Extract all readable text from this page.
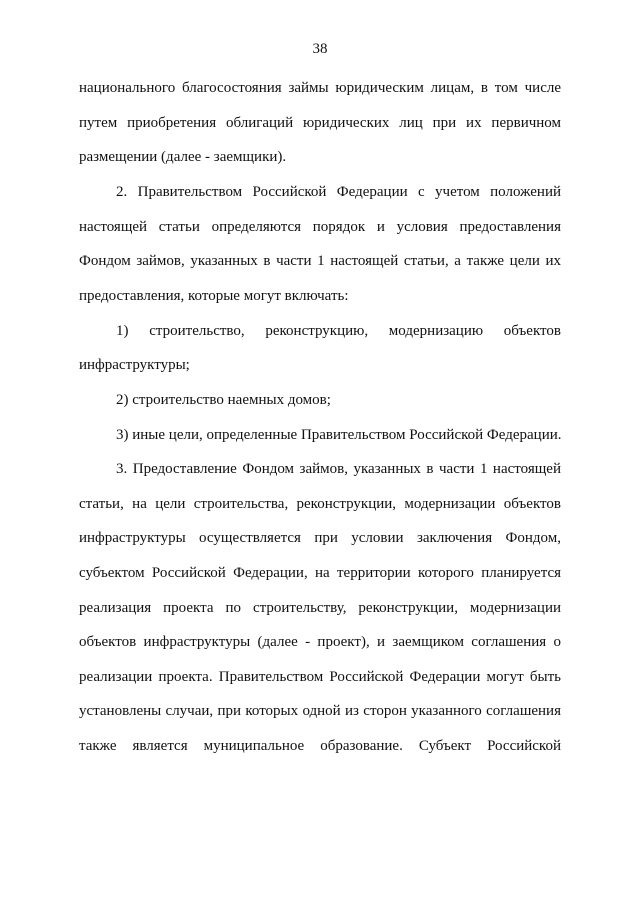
38
национального благосостояния займы юридическим лицам, в том числе
путем приобретения облигаций юридических лиц при их первичном
размещении (далее - заемщики).
2. Правительством Российской Федерации с учетом положений
настоящей статьи определяются порядок и условия предоставления
Фондом займов, указанных в части 1 настоящей статьи, а также цели их
предоставления, которые могут включать:
1) строительство, реконструкцию, модернизацию объектов
инфраструктуры;
2) строительство наемных домов;
3) иные цели, определенные Правительством Российской Федерации.
3. Предоставление Фондом займов, указанных в части 1 настоящей
статьи, на цели строительства, реконструкции, модернизации объектов
инфраструктуры осуществляется при условии заключения Фондом,
субъектом Российской Федерации, на территории которого планируется
реализация проекта по строительству, реконструкции, модернизации
объектов инфраструктуры (далее - проект), и заемщиком соглашения о
реализации проекта. Правительством Российской Федерации могут быть
установлены случаи, при которых одной из сторон указанного соглашения
также является муниципальное образование. Субъект Российской
